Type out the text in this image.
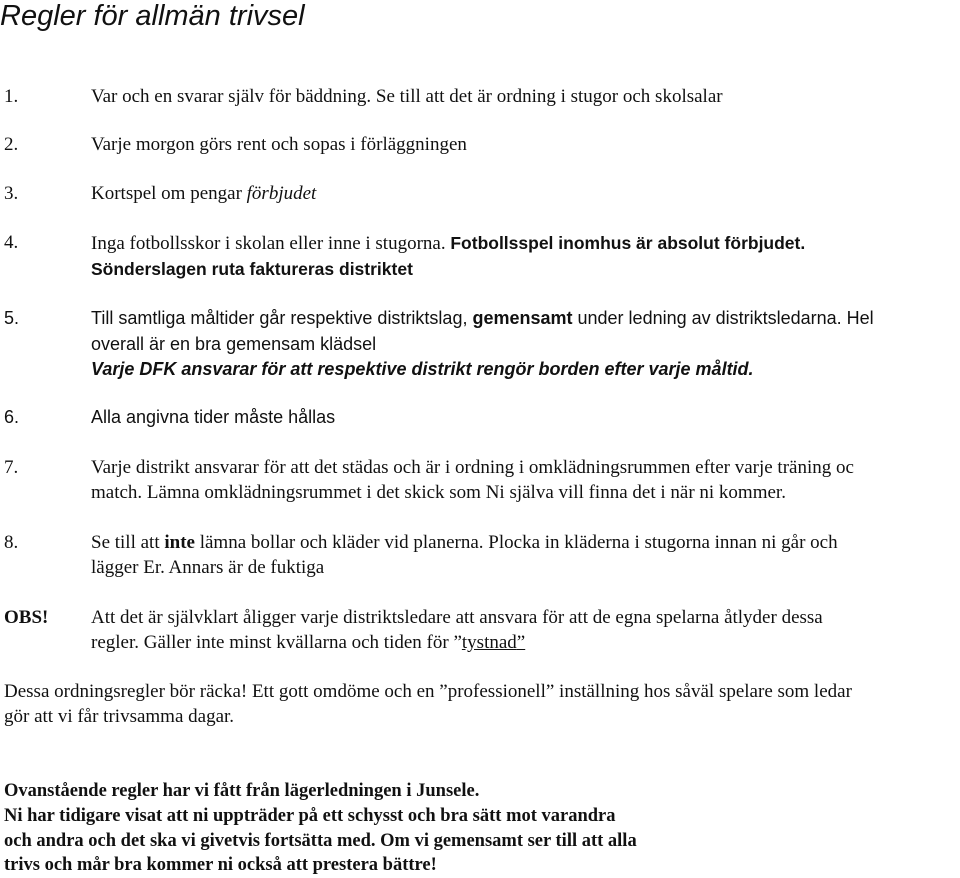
Regler för allmän trivsel
1.	Var och en svarar själv för bäddning. Se till att det är ordning i stugor och skolsalar
2.	Varje morgon görs rent och sopas i förläggningen
3.	Kortspel om pengar förbjudet
4.	Inga fotbollsskor i skolan eller inne i stugorna. Fotbollsspel inomhus är absolut förbjudet.
Sönderslagen ruta faktureras distriktet
5.	Till samtliga måltider går respektive distriktslag, gemensamt under ledning av distriktsledarna. Hel
overall är en bra gemensam klädsel
Varje DFK ansvarar för att respektive distrikt rengör borden efter varje måltid.
6.	Alla angivna tider måste hållas
7.	Varje distrikt ansvarar för att det städas och är i ordning i omklädningsrummen efter varje träning oc
match. Lämna omklädningsrummet i det skick som Ni själva vill finna det i när ni kommer.
8.	Se till att inte lämna bollar och kläder vid planerna. Plocka in kläderna i stugorna innan ni går och
lägger Er. Annars är de fuktiga
OBS! Att det är självklart åligger varje distriktsledare att ansvara för att de egna spelarna åtlyder dessa
regler. Gäller inte minst kvällarna och tiden för ”tystnad”
Dessa ordningsregler bör räcka! Ett gott omdöme och en ”professionell” inställning hos såväl spelare som ledar
gör att vi får trivsamma dagar.
Ovanstående regler har vi fått från lägerledningen i Junsele.
Ni har tidigare visat att ni uppträder på ett schysst och bra sätt mot varandra
och andra och det ska vi givetvis fortsätta med. Om vi gemensamt ser till att alla
trivs och mår bra kommer ni också att prestera bättre!
